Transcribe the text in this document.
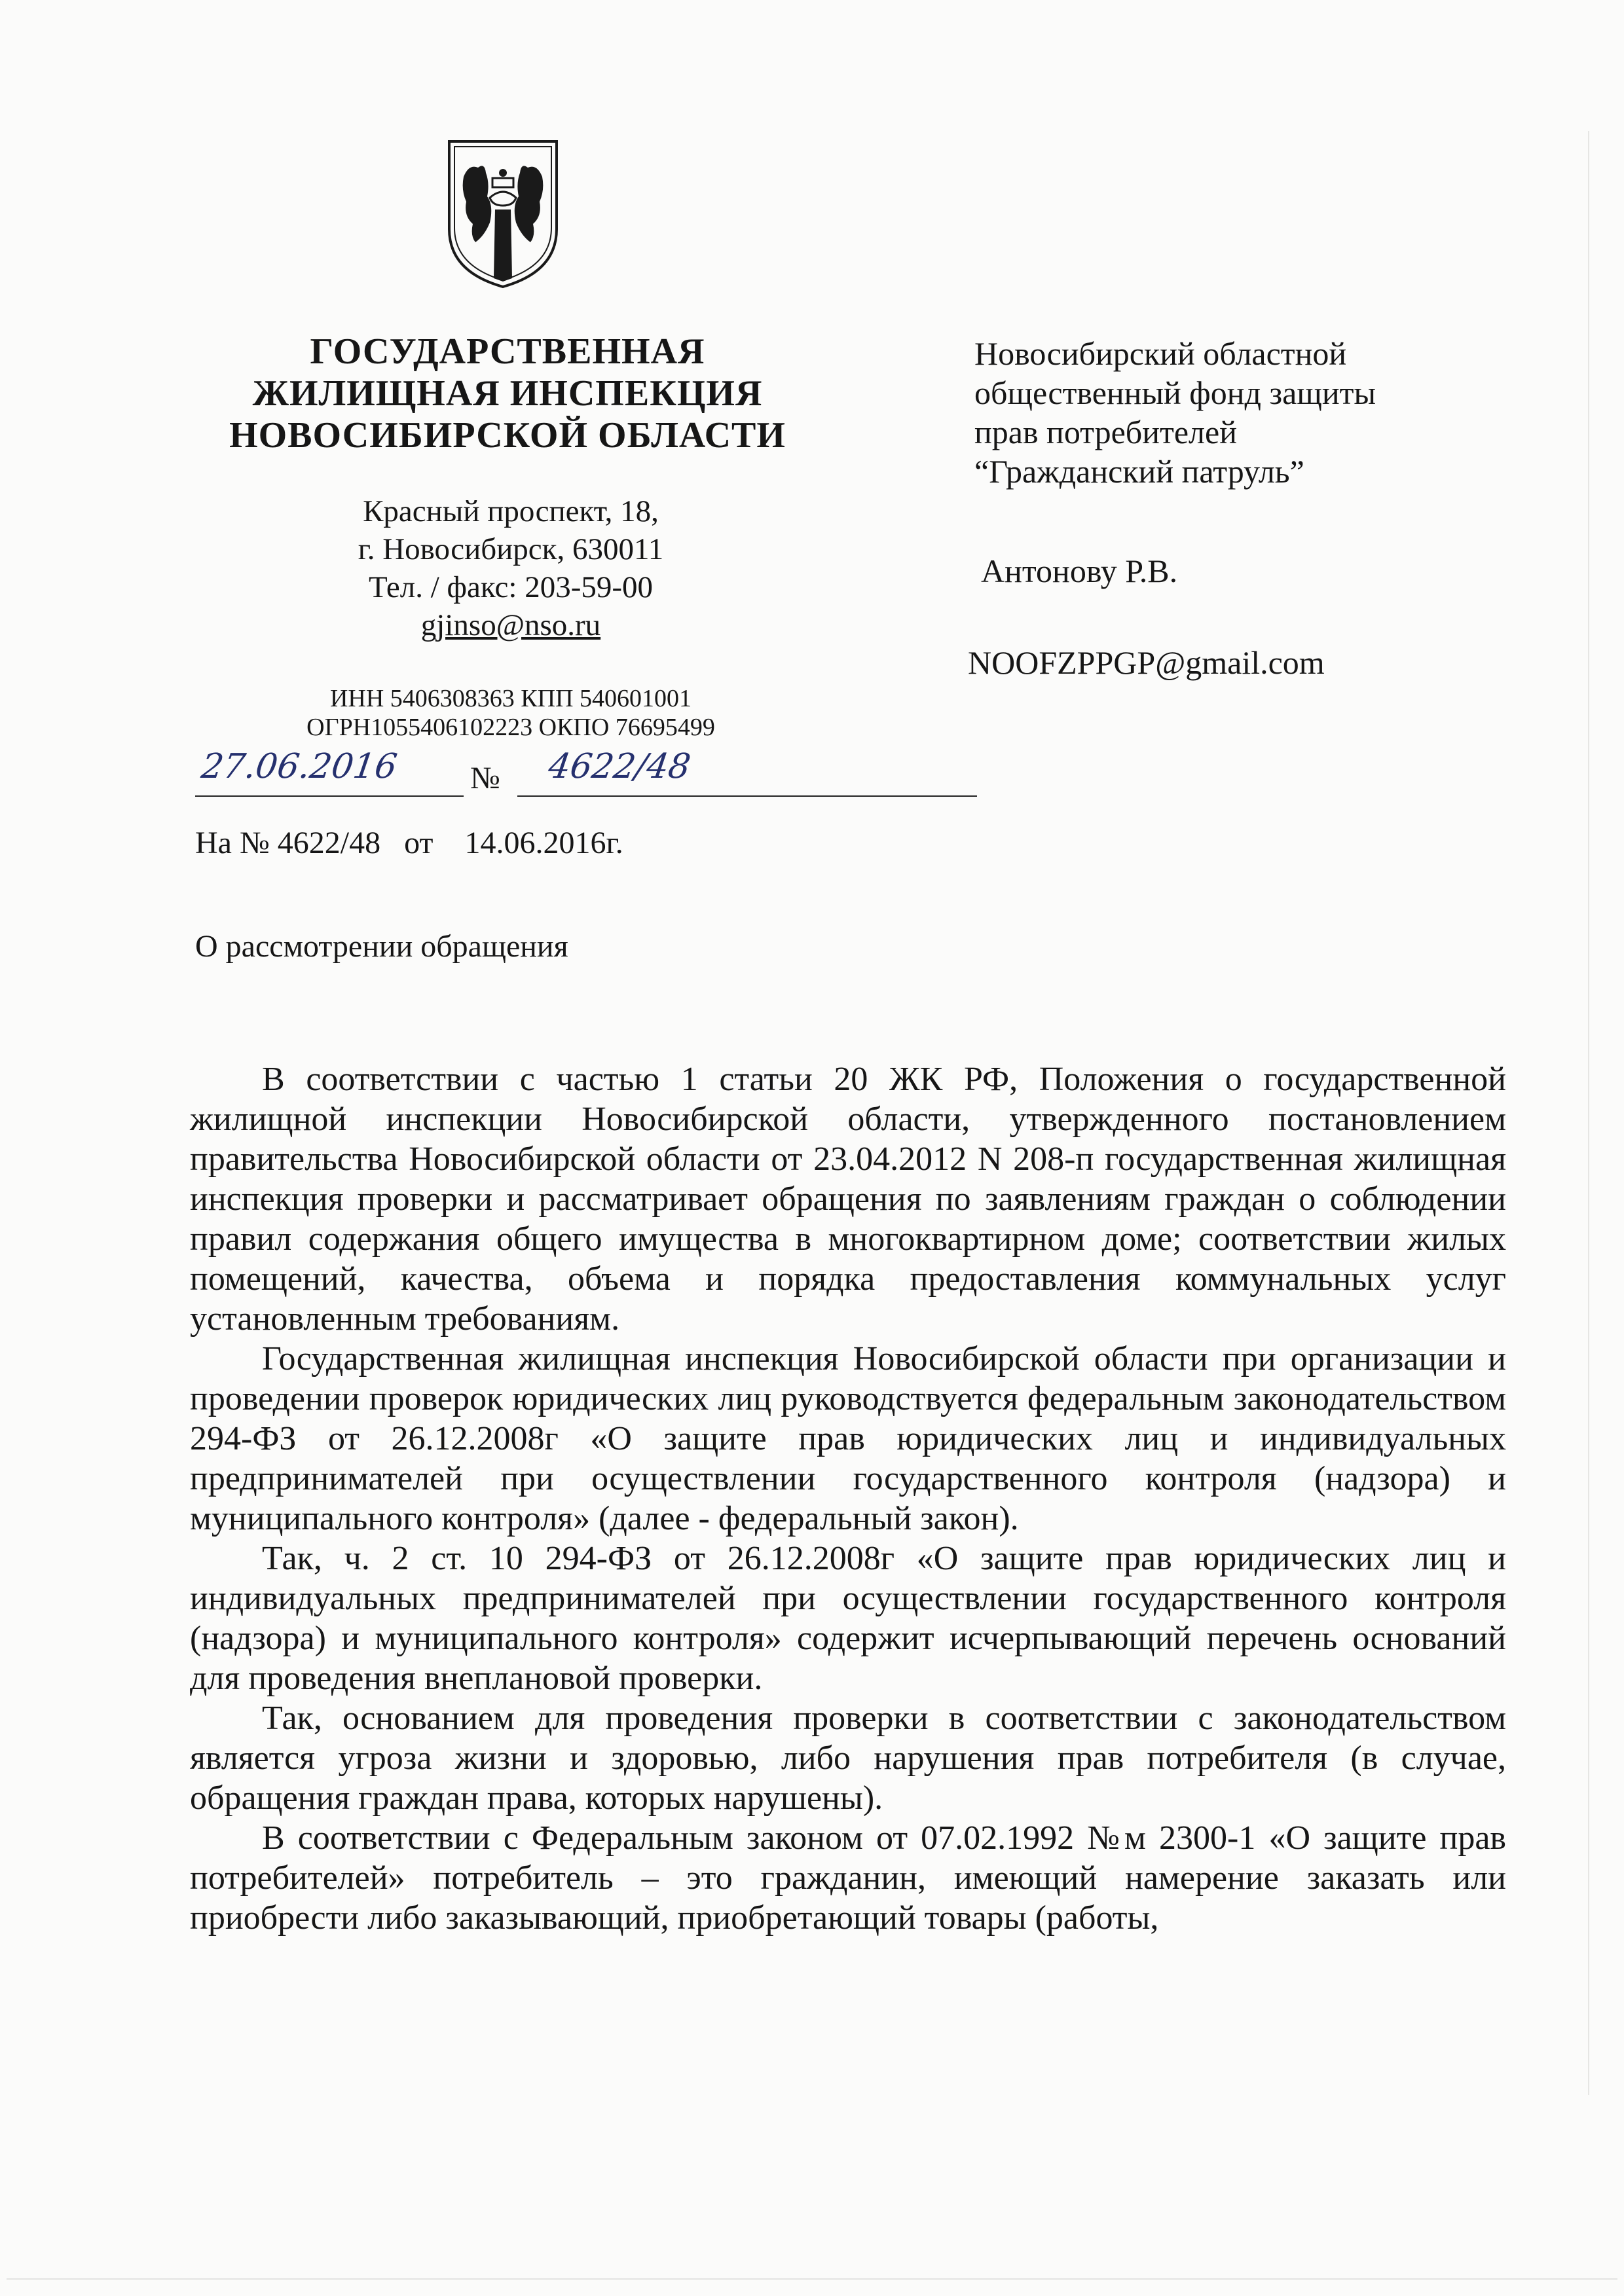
ГОСУДАРСТВЕННАЯ
ЖИЛИЩНАЯ ИНСПЕКЦИЯ
НОВОСИБИРСКОЙ ОБЛАСТИ
Красный проспект, 18,
г. Новосибирск, 630011
Тел. / факс: 203-59-00
gjinso@nso.ru
ИНН 5406308363 КПП 540601001
ОГРН1055406102223 ОКПО 76695499
27.06.2016	№ 4622/48
На № 4622/48   от    14.06.2016г.
О рассмотрении обращения
Новосибирский областной
общественный фонд защиты
прав потребителей
“Гражданский патруль”
Антонову Р.В.
NOOFZPPGP@gmail.com

В соответствии с частью 1 статьи 20 ЖК РФ, Положения о государственной жилищной инспекции Новосибирской области, утвержденного постановлением правительства Новосибирской области от 23.04.2012 N 208-п государственная жилищная инспекция проверки и рассматривает обращения по заявлениям граждан о соблюдении правил содержания общего имущества в многоквартирном доме; соответствии жилых помещений, качества, объема и порядка предоставления коммунальных услуг установленным требованиям.

Государственная жилищная инспекция Новосибирской области при организации и проведении проверок юридических лиц руководствуется федеральным законодательством 294-ФЗ от 26.12.2008г «О защите прав юридических лиц и индивидуальных предпринимателей при осуществлении государственного контроля (надзора) и муниципального контроля» (далее - федеральный закон).

Так, ч. 2 ст. 10 294-ФЗ от 26.12.2008г «О защите прав юридических лиц и индивидуальных предпринимателей при осуществлении государственного контроля (надзора) и муниципального контроля» содержит исчерпывающий перечень оснований для проведения внеплановой проверки.

Так, основанием для проведения проверки в соответствии с законодательством является угроза жизни и здоровью, либо нарушения прав потребителя (в случае, обращения граждан права, которых нарушены).

В соответствии с Федеральным законом от 07.02.1992 №м 2300-1 «О защите прав потребителей» потребитель – это гражданин, имеющий намерение заказать или приобрести либо заказывающий, приобретающий товары (работы,
